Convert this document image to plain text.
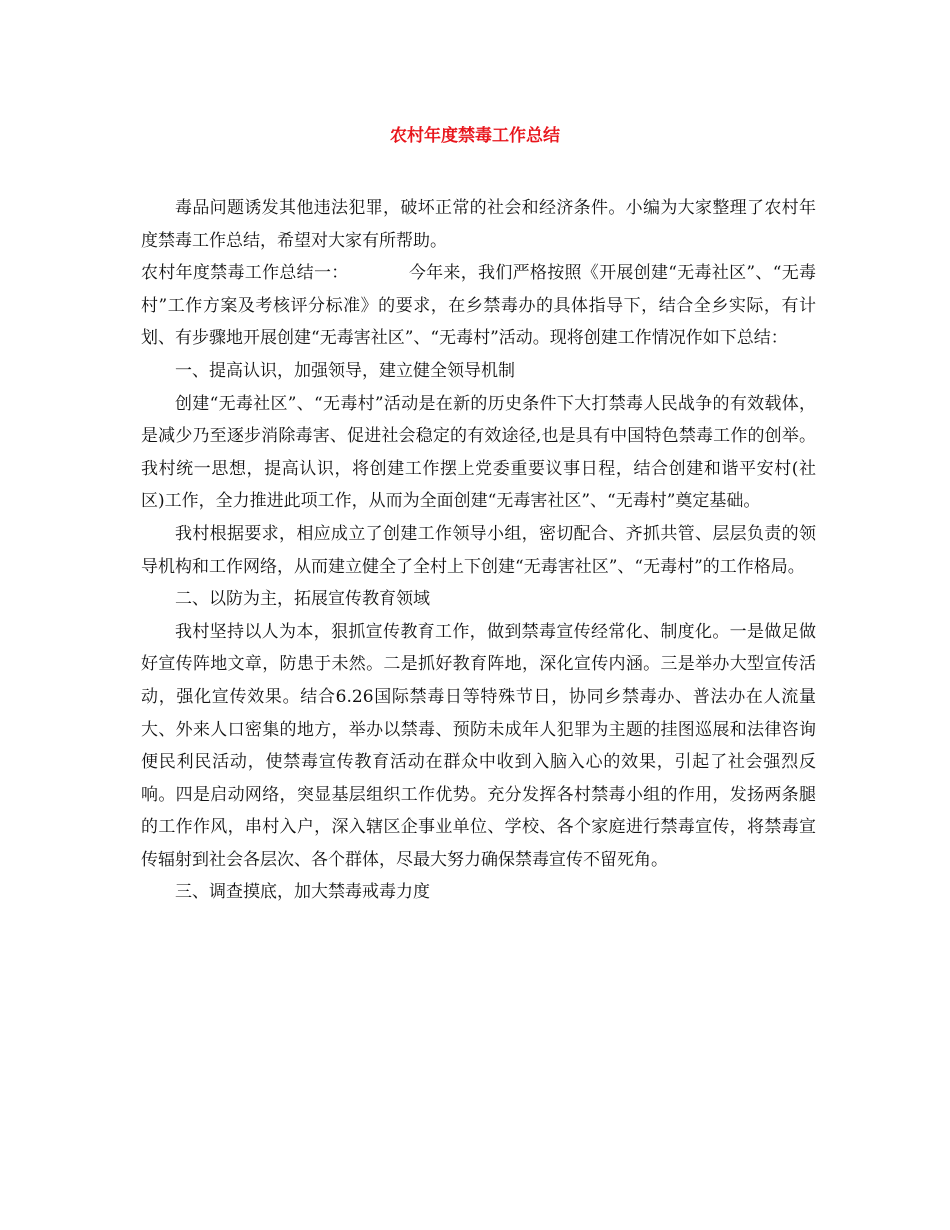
农村年度禁毒工作总结

毒品问题诱发其他违法犯罪，破坏正常的社会和经济条件。小编为大家整理了农村年度禁毒工作总结，希望对大家有所帮助。

农村年度禁毒工作总结一：	今年来，我们严格按照《开展创建“无毒社区”、“无毒村”工作方案及考核评分标准》的要求，在乡禁毒办的具体指导下，结合全乡实际，有计划、有步骤地开展创建“无毒害社区”、“无毒村”活动。现将创建工作情况作如下总结：

一、提高认识，加强领导，建立健全领导机制

创建“无毒社区”、“无毒村”活动是在新的历史条件下大打禁毒人民战争的有效载体，是减少乃至逐步消除毒害、促进社会稳定的有效途径,也是具有中国特色禁毒工作的创举。我村统一思想，提高认识，将创建工作摆上党委重要议事日程，结合创建和谐平安村(社区)工作，全力推进此项工作，从而为全面创建“无毒害社区”、“无毒村”奠定基础。

我村根据要求，相应成立了创建工作领导小组，密切配合、齐抓共管、层层负责的领导机构和工作网络，从而建立健全了全村上下创建“无毒害社区”、“无毒村”的工作格局。

二、以防为主，拓展宣传教育领域

我村坚持以人为本，狠抓宣传教育工作，做到禁毒宣传经常化、制度化。一是做足做好宣传阵地文章，防患于未然。二是抓好教育阵地，深化宣传内涵。三是举办大型宣传活动，强化宣传效果。结合6.26国际禁毒日等特殊节日，协同乡禁毒办、普法办在人流量大、外来人口密集的地方，举办以禁毒、预防未成年人犯罪为主题的挂图巡展和法律咨询便民利民活动，使禁毒宣传教育活动在群众中收到入脑入心的效果，引起了社会强烈反响。四是启动网络，突显基层组织工作优势。充分发挥各村禁毒小组的作用，发扬两条腿的工作作风，串村入户，深入辖区企事业单位、学校、各个家庭进行禁毒宣传，将禁毒宣传辐射到社会各层次、各个群体，尽最大努力确保禁毒宣传不留死角。

三、调查摸底，加大禁毒戒毒力度
